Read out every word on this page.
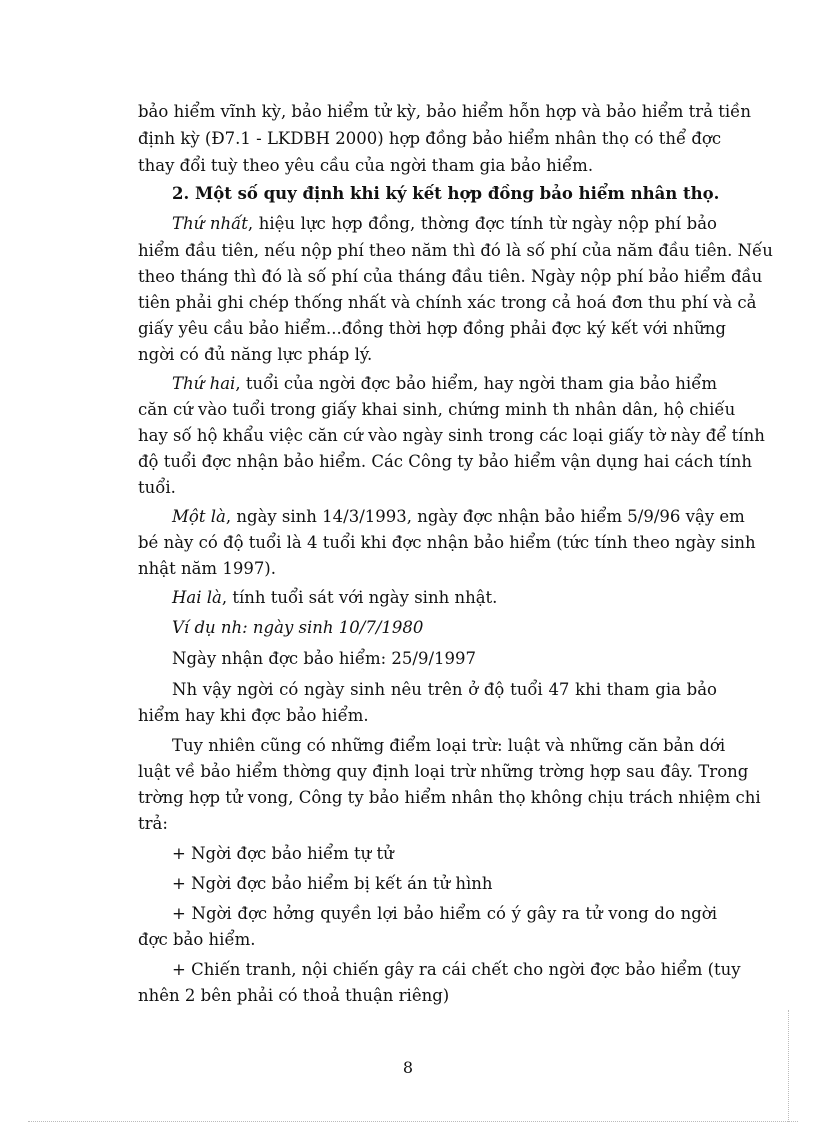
bảo hiểm vĩnh kỳ, bảo hiểm tử kỳ, bảo hiểm hỗn hợp và bảo hiểm trả tiền
định kỳ (Đ7.1 - LKDBH 2000) hợp đồng bảo hiểm nhân thọ có thể đợc
thay đổi tuỳ theo yêu cầu của ngời tham gia bảo hiểm.
2. Một số quy định khi ký kết hợp đồng bảo hiểm nhân thọ.
Thứ nhất, hiệu lực hợp đồng, thờng đợc tính từ ngày nộp phí bảo
hiểm đầu tiên, nếu nộp phí theo năm thì đó là số phí của năm đầu tiên. Nếu
theo tháng thì đó là số phí của tháng đầu tiên. Ngày nộp phí bảo hiểm đầu
tiên phải ghi chép thống nhất và chính xác trong cả hoá đơn thu phí và cả
giấy yêu cầu bảo hiểm...đồng thời hợp đồng phải đợc ký kết với những
ngời có đủ năng lực pháp lý.
Thứ hai, tuổi của ngời đợc bảo hiểm, hay ngời tham gia bảo hiểm
căn cứ vào tuổi trong giấy khai sinh, chứng minh th nhân dân, hộ chiếu
hay số hộ khẩu việc căn cứ vào ngày sinh trong các loại giấy tờ này để tính
độ tuổi đợc nhận bảo hiểm. Các Công ty bảo hiểm vận dụng hai cách tính
tuổi.
Một là, ngày sinh 14/3/1993, ngày đợc nhận bảo hiểm 5/9/96 vậy em
bé này có độ tuổi là 4 tuổi khi đợc nhận bảo hiểm (tức tính theo ngày sinh
nhật năm 1997).
Hai là, tính tuổi sát với ngày sinh nhật.
Ví dụ nh: ngày sinh 10/7/1980
Ngày nhận đợc bảo hiểm: 25/9/1997
Nh vậy ngời có ngày sinh nêu trên ở độ tuổi 47 khi tham gia bảo
hiểm hay khi đợc bảo hiểm.
Tuy nhiên cũng có những điểm loại trừ: luật và những căn bản dới
luật về bảo hiểm thờng quy định loại trừ những trờng hợp sau đây. Trong
trờng hợp tử vong, Công ty bảo hiểm nhân thọ không chịu trách nhiệm chi
trả:
+ Ngời đợc bảo hiểm tự tử
+ Ngời đợc bảo hiểm bị kết án tử hình
+ Ngời đợc hởng quyền lợi bảo hiểm có ý gây ra tử vong do ngời
đợc bảo hiểm.
+ Chiến tranh, nội chiến gây ra cái chết cho ngời đợc bảo hiểm (tuy
nhên 2 bên phải có thoả thuận riêng)
8
